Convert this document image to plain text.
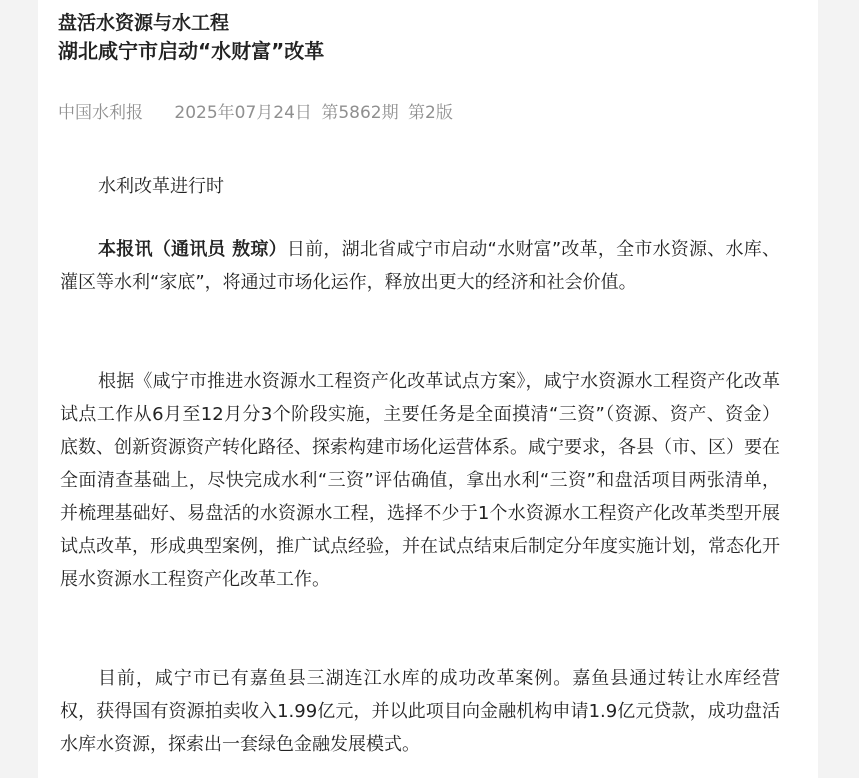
盘活水资源与水工程
湖北咸宁市启动“水财富”改革
中国水利报 2025年07月24日 第5862期 第2版
水利改革进行时

本报讯（通讯员 敖琼）日前，湖北省咸宁市启动“水财富”改革，全市水资源、水库、灌区等水利“家底”，将通过市场化运作，释放出更大的经济和社会价值。

根据《咸宁市推进水资源水工程资产化改革试点方案》，咸宁水资源水工程资产化改革试点工作从6月至12月分3个阶段实施，主要任务是全面摸清“三资”（资源、资产、资金）底数、创新资源资产转化路径、探索构建市场化运营体系。咸宁要求，各县（市、区）要在全面清查基础上，尽快完成水利“三资”评估确值，拿出水利“三资”和盘活项目两张清单，并梳理基础好、易盘活的水资源水工程，选择不少于1个水资源水工程资产化改革类型开展试点改革，形成典型案例，推广试点经验，并在试点结束后制定分年度实施计划，常态化开展水资源水工程资产化改革工作。

目前，咸宁市已有嘉鱼县三湖连江水库的成功改革案例。嘉鱼县通过转让水库经营权，获得国有资源拍卖收入1.99亿元，并以此项目向金融机构申请1.9亿元贷款，成功盘活水库水资源，探索出一套绿色金融发展模式。
